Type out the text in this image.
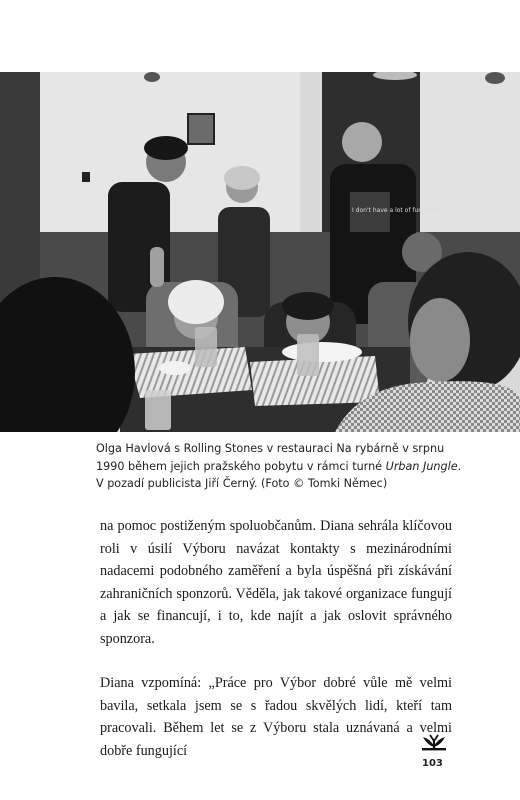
I don't have a lot of fun Němec

Olga Havlová s Rolling Stones v restauraci Na rybárně v srpnu

1990 během jejich pražského pobytu v rámci turné Urban Jungle.

V pozadí publicista Jiří Černý. (Foto © Tomki Němec)

na pomoc postiženým spoluobčanům. Diana sehrála klíčovou roli v úsilí Výboru navázat kontakty s mezinárodními nadacemi podobného zaměření a byla úspěšná při získávání zahraničních sponzorů. Věděla, jak takové organizace fungují a jak se financují, i to, kde najít a jak oslovit správného sponzora.

Diana vzpomíná: „Práce pro Výbor dobré vůle mě velmi bavila, setkala jsem se s řadou skvělých lidí, kteří tam pracovali. Během let se z Výboru stala uznávaná a velmi dobře fungující

103
